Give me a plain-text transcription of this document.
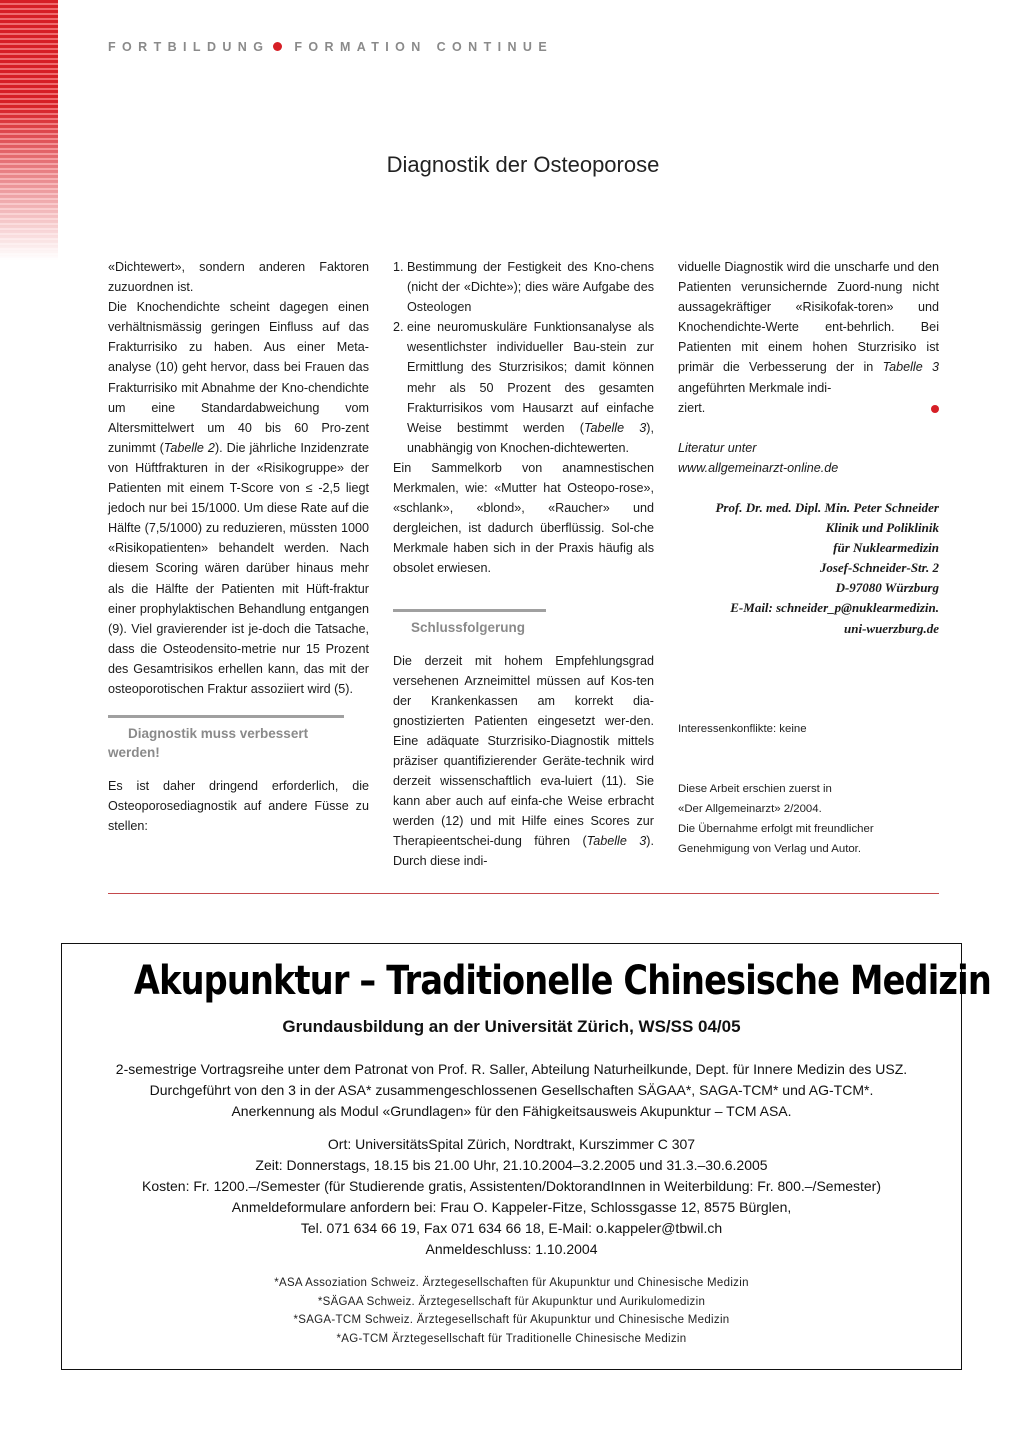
FORTBILDUNG FORMATION CONTINUE
Diagnostik der Osteoporose

«Dichtewert», sondern anderen Faktoren zuzuordnen ist.

Die Knochendichte scheint dagegen einen verhältnismässig geringen Einfluss auf das Frakturrisiko zu haben. Aus einer Meta-analyse (10) geht hervor, dass bei Frauen das Frakturrisiko mit Abnahme der Kno-chendichte um eine Standardabweichung vom Altersmittelwert um 40 bis 60 Pro-zent zunimmt (Tabelle 2). Die jährliche Inzidenzrate von Hüftfrakturen in der «Risikogruppe» der Patienten mit einem T-Score von ≤ -2,5 liegt jedoch nur bei 15/1000. Um diese Rate auf die Hälfte (7,5/1000) zu reduzieren, müssten 1000 «Risikopatienten» behandelt werden. Nach diesem Scoring wären darüber hinaus mehr als die Hälfte der Patienten mit Hüft-fraktur einer prophylaktischen Behandlung entgangen (9). Viel gravierender ist je-doch die Tatsache, dass die Osteodensito-metrie nur 15 Prozent des Gesamtrisikos erhellen kann, das mit der osteoporotischen Fraktur assoziiert wird (5).

Diagnostik muss verbessert
werden!

Es ist daher dringend erforderlich, die Osteoporosediagnostik auf andere Füsse zu stellen:

1. Bestimmung der Festigkeit des Kno-chens (nicht der «Dichte»); dies wäre Aufgabe des Osteologen
2. eine neuromuskuläre Funktionsanalyse als wesentlichster individueller Bau-stein zur Ermittlung des Sturzrisikos; damit können mehr als 50 Prozent des gesamten Frakturrisikos vom Hausarzt auf einfache Weise bestimmt werden (Tabelle 3), unabhängig von Knochen-dichtewerten.

Ein Sammelkorb von anamnestischen Merkmalen, wie: «Mutter hat Osteopo-rose», «schlank», «blond», «Raucher» und dergleichen, ist dadurch überflüssig. Sol-che Merkmale haben sich in der Praxis häufig als obsolet erwiesen.

Schlussfolgerung

Die derzeit mit hohem Empfehlungsgrad versehenen Arzneimittel müssen auf Kos-ten der Krankenkassen am korrekt dia-gnostizierten Patienten eingesetzt wer-den. Eine adäquate Sturzrisiko-Diagnostik mittels präziser quantifizierender Geräte-technik wird derzeit wissenschaftlich eva-luiert (11). Sie kann aber auch auf einfa-che Weise erbracht werden (12) und mit Hilfe eines Scores zur Therapieentschei-dung führen (Tabelle 3). Durch diese indi-

viduelle Diagnostik wird die unscharfe und den Patienten verunsichernde Zuord-nung nicht aussagekräftiger «Risikofak-toren» und Knochendichte-Werte ent-behrlich. Bei Patienten mit einem hohen Sturzrisiko ist primär die Verbesserung der in Tabelle 3 angeführten Merkmale indi-

ziert.
Literatur unter
www.allgemeinarzt-online.de
Prof. Dr. med. Dipl. Min. Peter Schneider
Klinik und Poliklinik
für Nuklearmedizin
Josef-Schneider-Str. 2
D-97080 Würzburg
E-Mail: schneider_p@nuklearmedizin.
uni-wuerzburg.de
Interessenkonflikte: keine
Diese Arbeit erschien zuerst in
«Der Allgemeinarzt» 2/2004.
Die Übernahme erfolgt mit freundlicher
Genehmigung von Verlag und Autor.
Akupunktur – Traditionelle Chinesische Medizin
Grundausbildung an der Universität Zürich, WS/SS 04/05
2-semestrige Vortragsreihe unter dem Patronat von Prof. R. Saller, Abteilung Naturheilkunde, Dept. für Innere Medizin des USZ.
Durchgeführt von den 3 in der ASA* zusammengeschlossenen Gesellschaften SÄGAA*, SAGA-TCM* und AG-TCM*.
Anerkennung als Modul «Grundlagen» für den Fähigkeitsausweis Akupunktur – TCM ASA.
Ort: UniversitätsSpital Zürich, Nordtrakt, Kurszimmer C 307
Zeit: Donnerstags, 18.15 bis 21.00 Uhr, 21.10.2004–3.2.2005 und 31.3.–30.6.2005
Kosten: Fr. 1200.–/Semester (für Studierende gratis, Assistenten/DoktorandInnen in Weiterbildung: Fr. 800.–/Semester)
Anmeldeformulare anfordern bei: Frau O. Kappeler-Fitze, Schlossgasse 12, 8575 Bürglen,
Tel. 071 634 66 19, Fax 071 634 66 18, E-Mail: o.kappeler@tbwil.ch
Anmeldeschluss: 1.10.2004
*ASA Assoziation Schweiz. Ärztegesellschaften für Akupunktur und Chinesische Medizin
*SÄGAA Schweiz. Ärztegesellschaft für Akupunktur und Aurikulomedizin
*SAGA-TCM Schweiz. Ärztegesellschaft für Akupunktur und Chinesische Medizin
*AG-TCM Ärztegesellschaft für Traditionelle Chinesische Medizin
